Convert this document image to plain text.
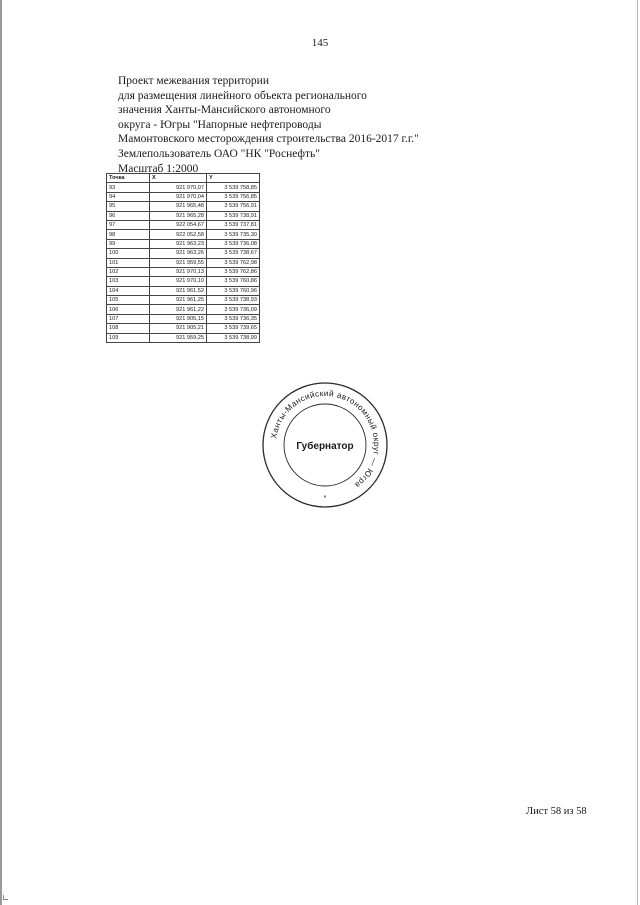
145
Проект межевания территории
для размещения линейного объекта регионального
значения Ханты-Мансийского автономного
округа - Югры "Напорные нефтепроводы
Мамонтовского месторождения строительства 2016-2017 г.г."
Землепользователь ОАО "НК "Роснефть"
Масштаб 1:2000
Точка	X	Y
93	921 970,07	3 539 758,85
94	921 970,04	3 539 756,85
95	921 965,48	3 539 756,91
96	921 965,28	3 539 738,91
97	922 054,67	3 539 737,81
98	922 052,58	3 539 735,30
99	921 963,23	3 539 736,08
100	921 963,26	3 539 738,67
101	921 959,55	3 539 762,98
102	921 970,13	3 539 762,86
103	921 970,10	3 539 760,86
104	921 961,52	3 539 760,96
105	921 961,25	3 539 738,93
106	921 961,22	3 539 736,09
107	921 905,15	3 539 736,35
108	921 905,21	3 539 739,65
109	921 959,25	3 539 738,99
Ханты-Мансийский автономный округ — Югра
Губернатор
*
Лист 58 из 58
